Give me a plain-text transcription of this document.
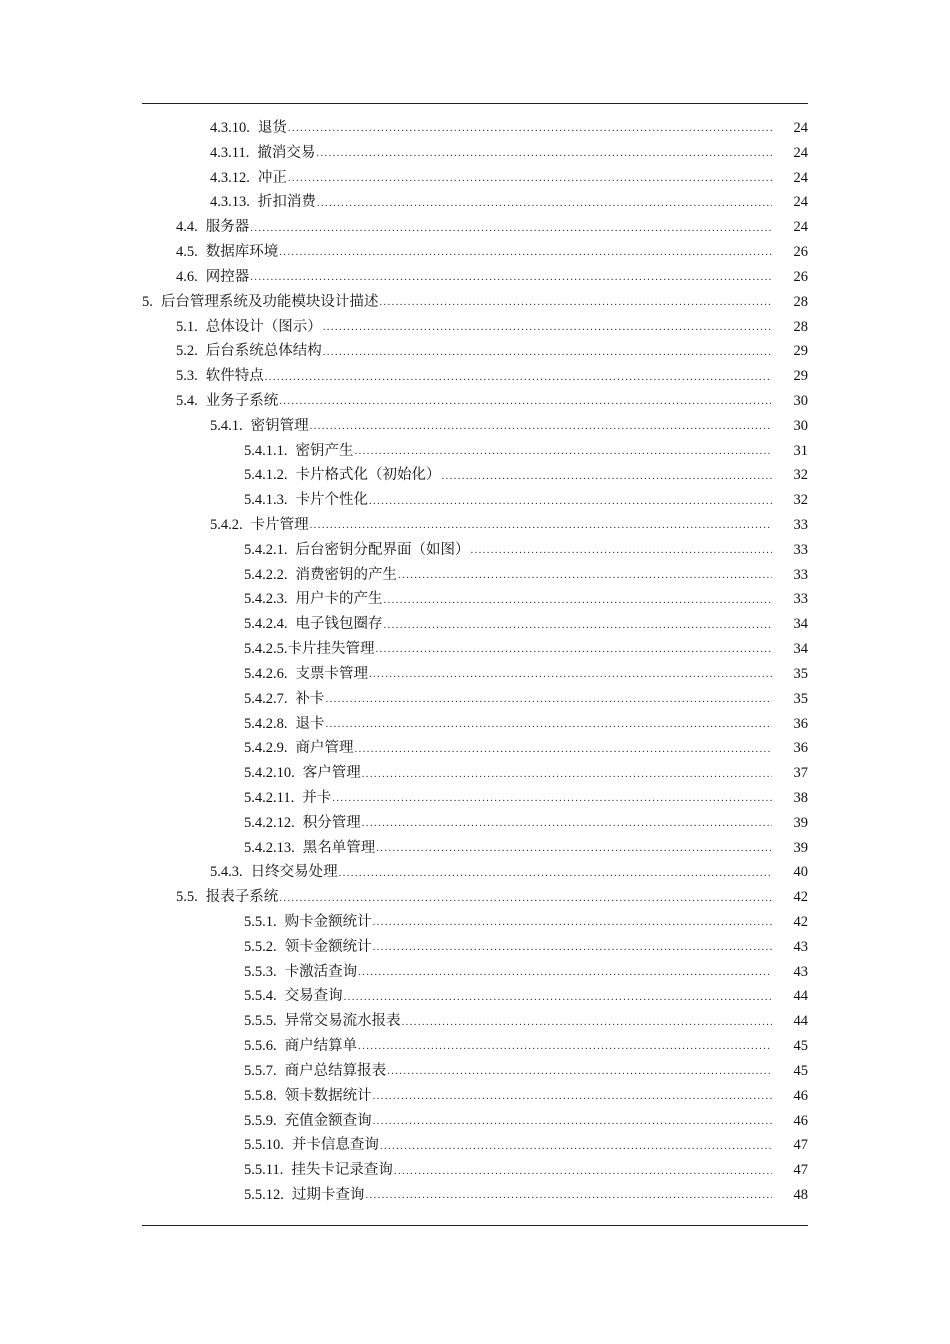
4.3.10. 退货 .....	24
4.3.11. 撤消交易 .....	24
4.3.12. 冲正 .....	24
4.3.13. 折扣消费 .....	24
4.4. 服务器 .....	24
4.5. 数据库环境 .....	26
4.6. 网控器 .....	26
5. 后台管理系统及功能模块设计描述 .....	28
5.1. 总体设计（图示） .....	28
5.2. 后台系统总体结构 .....	29
5.3. 软件特点 .....	29
5.4. 业务子系统 .....	30
5.4.1. 密钥管理 .....	30
5.4.1.1. 密钥产生 .....	31
5.4.1.2. 卡片格式化（初始化） .....	32
5.4.1.3. 卡片个性化 .....	32
5.4.2. 卡片管理 .....	33
5.4.2.1. 后台密钥分配界面（如图） .....	33
5.4.2.2. 消费密钥的产生 .....	33
5.4.2.3. 用户卡的产生 .....	33
5.4.2.4. 电子钱包圈存 .....	34
5.4.2.5. 卡片挂失管理 .....	34
5.4.2.6. 支票卡管理 .....	35
5.4.2.7. 补卡 .....	35
5.4.2.8. 退卡 .....	36
5.4.2.9. 商户管理 .....	36
5.4.2.10. 客户管理 .....	37
5.4.2.11. 并卡 .....	38
5.4.2.12. 积分管理 .....	39
5.4.2.13. 黑名单管理 .....	39
5.4.3. 日终交易处理 .....	40
5.5. 报表子系统 .....	42
5.5.1. 购卡金额统计 .....	42
5.5.2. 领卡金额统计 .....	43
5.5.3. 卡激活查询 .....	43
5.5.4. 交易查询 .....	44
5.5.5. 异常交易流水报表 .....	44
5.5.6. 商户结算单 .....	45
5.5.7. 商户总结算报表 .....	45
5.5.8. 领卡数据统计 .....	46
5.5.9. 充值金额查询 .....	46
5.5.10. 并卡信息查询 .....	47
5.5.11. 挂失卡记录查询 .....	47
5.5.12. 过期卡查询 .....	48
